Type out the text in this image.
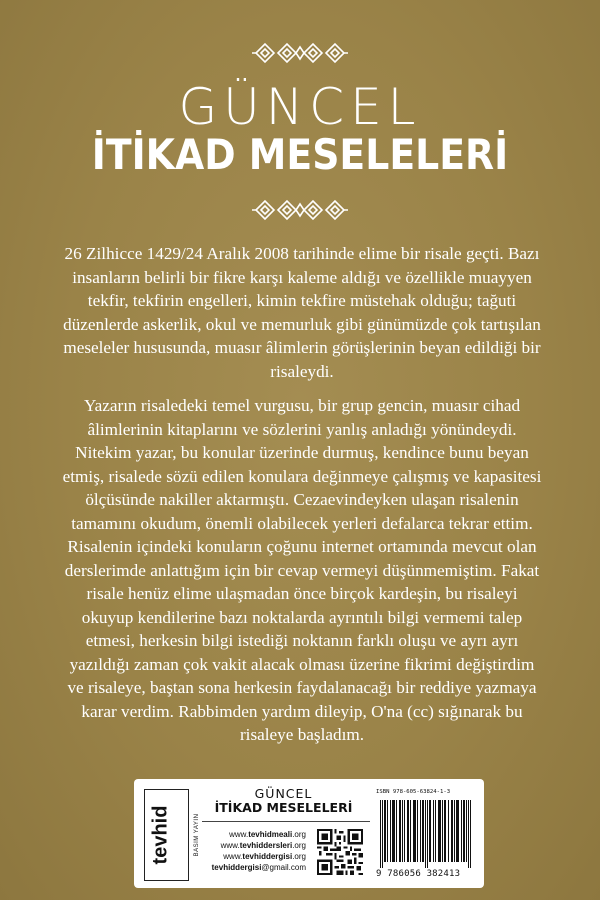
GÜNCEL
İTİKAD MESELELERİ

26 Zilhicce 1429/24 Aralık 2008 tarihinde elime bir risale geçti. Bazı insanların belirli bir fikre karşı kaleme aldığı ve özellikle muayyen tekfir, tekfirin engelleri, kimin tekfire müstehak olduğu; tağuti düzenlerde askerlik, okul ve memurluk gibi günümüzde çok tartışılan meseleler hususunda, muasır âlimlerin görüşlerinin beyan edildiği bir risaleydi.

Yazarın risaledeki temel vurgusu, bir grup gencin, muasır cihad âlimlerinin kitaplarını ve sözlerini yanlış anladığı yönündeydi. Nitekim yazar, bu konular üzerinde durmuş, kendince bunu beyan etmiş, risalede sözü edilen konulara değinmeye çalışmış ve kapasitesi ölçüsünde nakiller aktarmıştı. Cezaevindeyken ulaşan risalenin tamamını okudum, önemli olabilecek yerleri defalarca tekrar ettim. Risalenin içindeki konuların çoğunu internet ortamında mevcut olan derslerimde anlattığım için bir cevap vermeyi düşünmemiştim. Fakat risale henüz elime ulaşmadan önce birçok kardeşin, bu risaleyi okuyup kendilerine bazı noktalarda ayrıntılı bilgi vermemi talep etmesi, herkesin bilgi istediği noktanın farklı oluşu ve ayrı ayrı yazıldığı zaman çok vakit alacak olması üzerine fikrimi değiştirdim ve risaleye, baştan sona herkesin faydalanacağı bir reddiye yazmaya karar verdim. Rabbimden yardım dileyip, O'na (cc) sığınarak bu risaleye başladım.

tevhid	BASIM YAYIN
GÜNCEL
İTİKAD MESELELERİ
www.tevhidmeali.org
www.tevhiddersleri.org
www.tevhiddergisi.org
tevhiddergisi@gmail.com
ISBN 978-605-63824-1-3
9 786056 382413
